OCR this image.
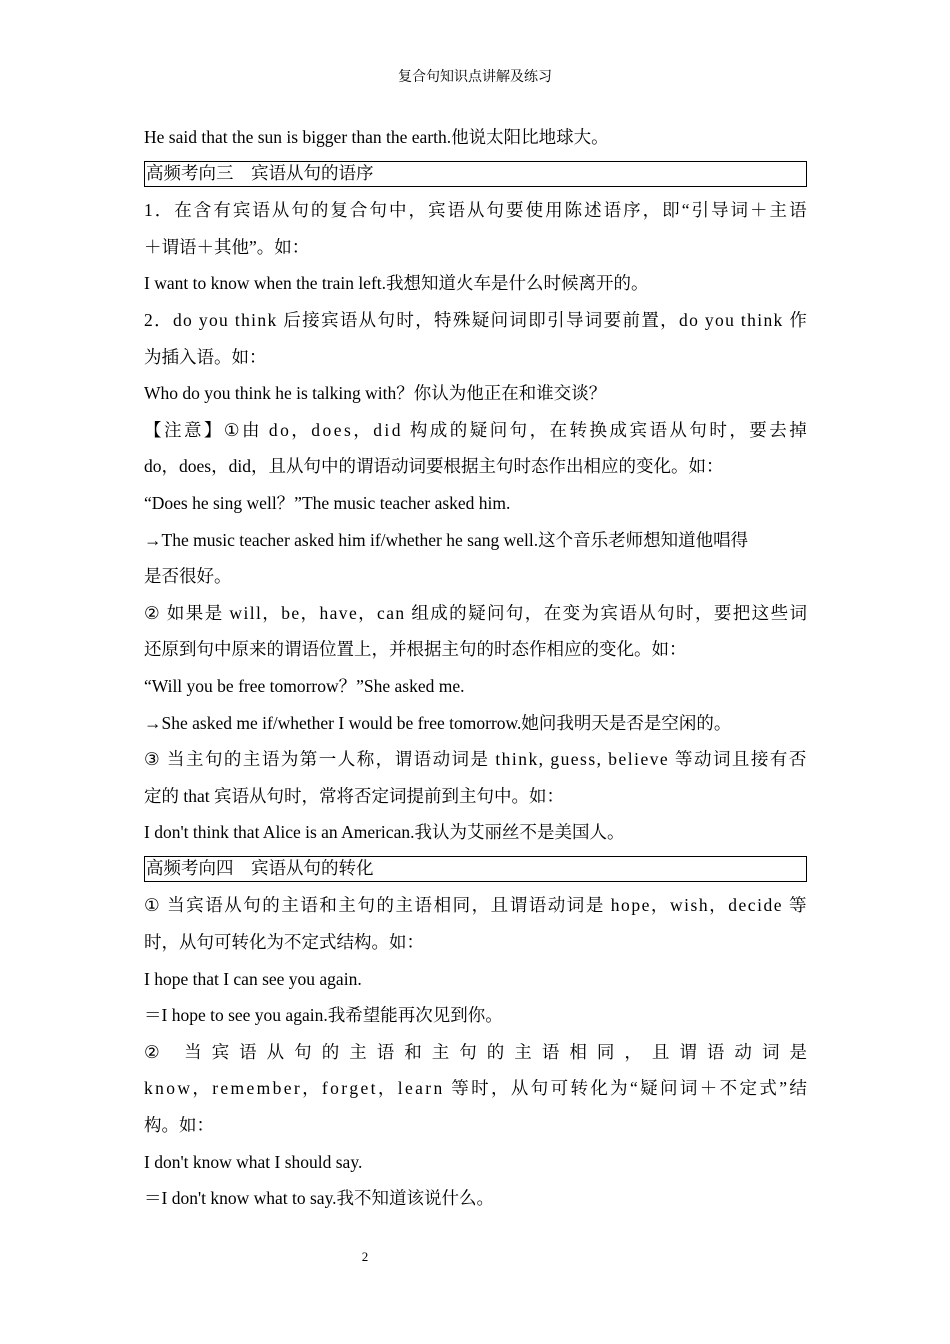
复合句知识点讲解及练习
He said that the sun is bigger than the earth.他说太阳比地球大。
高频考向三　宾语从句的语序
1 ． 在 含 有 宾 语 从 句 的 复 合 句 中 ， 宾 语 从 句 要 使 用 陈 述 语 序 ， 即 “ 引 导 词 ＋ 主 语
＋谓语＋其他”。如：
I want to know when the train left.我想知道火车是什么时候离开的。
2 ． d o
y o u
t h i n k
后 接 宾 语 从 句 时 ， 特 殊 疑 问 词 即 引 导 词 要 前 置 ， d o
y o u
t h i n k
作
为插入语。如：
Who do you think he is talking with？你认为他正在和谁交谈？
【 注 意 】 ① 由
d o ， d o e s ， d i d
构 成 的 疑 问 句 ， 在 转 换 成 宾 语 从 句 时 ， 要 去 掉
do，does，did，且从句中的谓语动词要根据主句时态作出相应的变化。如：
“Does he sing well？”The music teacher asked him.
→The music teacher asked him if/whether he sang well.这个音乐老师想知道他唱得
是否很好。
②
如 果 是
w i l l ， b e ， h a v e ， c a n
组 成 的 疑 问 句 ， 在 变 为 宾 语 从 句 时 ， 要 把 这 些 词
还原到句中原来的谓语位置上，并根据主句的时态作相应的变化。如：
“Will you be free tomorrow？”She asked me.
→She asked me if/whether I would be free tomorrow.她问我明天是否是空闲的。
③
当 主 句 的 主 语 为 第 一 人 称 ， 谓 语 动 词 是
t h i n k ,
g u e s s ,
b e l i e v e
等 动 词 且 接 有 否
定的 that 宾语从句时，常将否定词提前到主句中。如：
I don't think that Alice is an American.我认为艾丽丝不是美国人。
高频考向四　宾语从句的转化
①
当 宾 语 从 句 的 主 语 和 主 句 的 主 语 相 同 ， 且 谓 语 动 词 是
h o p e ， w i s h ， d e c i d e
等
时，从句可转化为不定式结构。如：
I hope that I can see you again.
＝I hope to see you again.我希望能再次见到你。
②
当 宾 语 从 句 的 主 语 和 主 句 的 主 语 相 同 ， 且 谓 语 动 词 是
k n o w ， r e m e m b e r ， f o r g e t ， l e a r n
等 时 ， 从 句 可 转 化 为 “ 疑 问 词 ＋ 不 定 式 ” 结
构。如：
I don't know what I should say.
＝I don't know what to say.我不知道该说什么。
2
